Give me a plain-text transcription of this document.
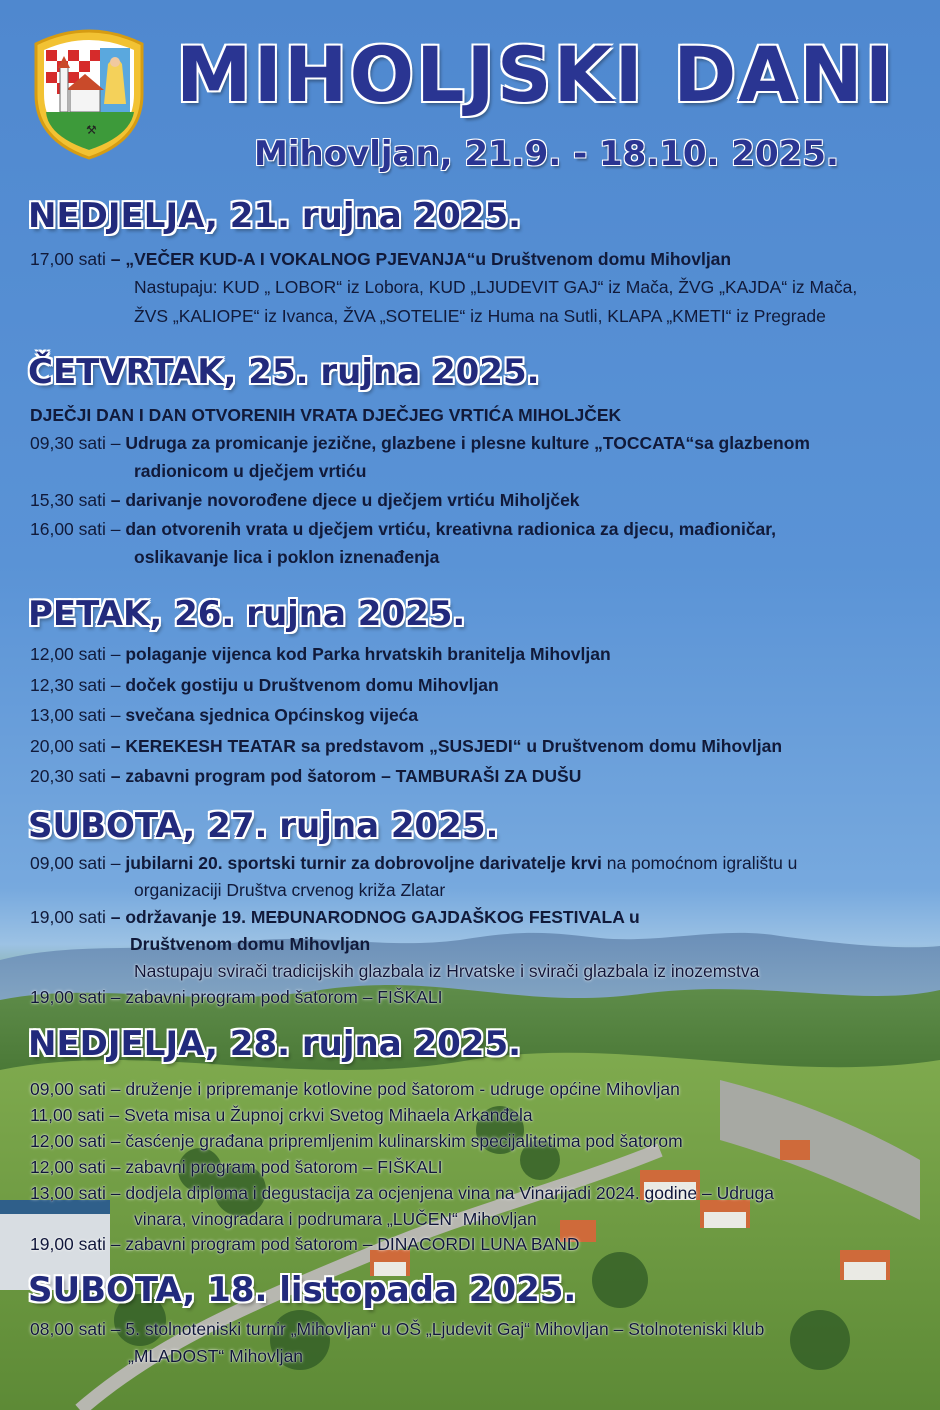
⚒
MIHOLJSKI DANI
Mihovljan, 21.9. - 18.10. 2025.
NEDJELJA, 21. rujna 2025.
17,00 sati – „VEČER KUD-A I VOKALNOG PJEVANJA“u Društvenom domu Mihovljan
Nastupaju: KUD „ LOBOR“ iz Lobora, KUD „LJUDEVIT GAJ“ iz Mača, ŽVG „KAJDA“ iz Mača,
ŽVS „KALIOPE“ iz Ivanca, ŽVA „SOTELIE“ iz Huma na Sutli, KLAPA „KMETI“ iz Pregrade
ČETVRTAK, 25. rujna 2025.
DJEČJI DAN I DAN OTVORENIH VRATA DJEČJEG VRTIĆA MIHOLJČEK
09,30 sati – Udruga za promicanje jezične, glazbene i plesne kulture „TOCCATA“sa glazbenom
radionicom u dječjem vrtiću
15,30 sati – darivanje novorođene djece u dječjem vrtiću Miholjček
16,00 sati – dan otvorenih vrata u dječjem vrtiću, kreativna radionica za djecu, mađioničar,
oslikavanje lica i poklon iznenađenja
PETAK, 26. rujna 2025.
12,00 sati – polaganje vijenca kod Parka hrvatskih branitelja Mihovljan
12,30 sati – doček gostiju u Društvenom domu Mihovljan
13,00 sati – svečana sjednica Općinskog vijeća
20,00 sati – KEREKESH TEATAR sa predstavom „SUSJEDI“ u Društvenom domu Mihovljan
20,30 sati – zabavni program pod šatorom – TAMBURAŠI ZA DUŠU
SUBOTA, 27. rujna 2025.
09,00 sati – jubilarni 20. sportski turnir za dobrovoljne darivatelje krvi na pomoćnom igralištu u
organizaciji Društva crvenog križa Zlatar
19,00 sati – održavanje 19. MEĐUNARODNOG GAJDAŠKOG FESTIVALA u
Društvenom domu Mihovljan
Nastupaju svirači tradicijskih glazbala iz Hrvatske i svirači glazbala iz inozemstva
19,00 sati – zabavni program pod šatorom – FIŠKALI
NEDJELJA, 28. rujna 2025.
09,00 sati – druženje i pripremanje kotlovine pod šatorom - udruge općine Mihovljan
11,00 sati – Sveta misa u Župnoj crkvi Svetog Mihaela Arkanđela
12,00 sati – časćenje građana pripremljenim kulinarskim specijalitetima pod šatorom
12,00 sati – zabavni program pod šatorom – FIŠKALI
13,00 sati – dodjela diploma i degustacija za ocjenjena vina na Vinarijadi 2024. godine – Udruga
vinara, vinogradara i podrumara „LUČEN“ Mihovljan
19,00 sati – zabavni program pod šatorom – DINACORDI LUNA BAND
SUBOTA, 18. listopada 2025.
08,00 sati – 5. stolnoteniski turnir „Mihovljan“ u OŠ „Ljudevit Gaj“ Mihovljan – Stolnoteniski klub
„MLADOST“ Mihovljan
